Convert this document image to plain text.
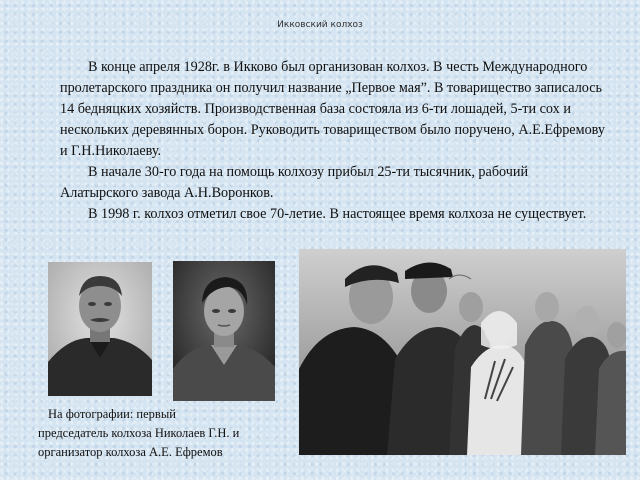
Икковский колхоз

В конце апреля 1928г. в Икково был организован колхоз. В честь Международного пролетарского праздника он получил название „Первое мая”. В товарищество записалось 14 бедняцких хозяйств. Производственная база состояла из 6-ти лошадей, 5-ти сох и нескольких деревянных борон. Руководить товариществом было поручено, А.Е.Ефремову и Г.Н.Николаеву.

В начале 30-го года на помощь колхозу прибыл 25-ти тысячник, рабочий Алатырского завода А.Н.Воронков.

В 1998 г. колхоз отметил свое 70-летие. В настоящее время колхоза не существует.

На фотографии: первый
председатель колхоза Николаев Г.Н. и организатор колхоза А.Е. Ефремов
